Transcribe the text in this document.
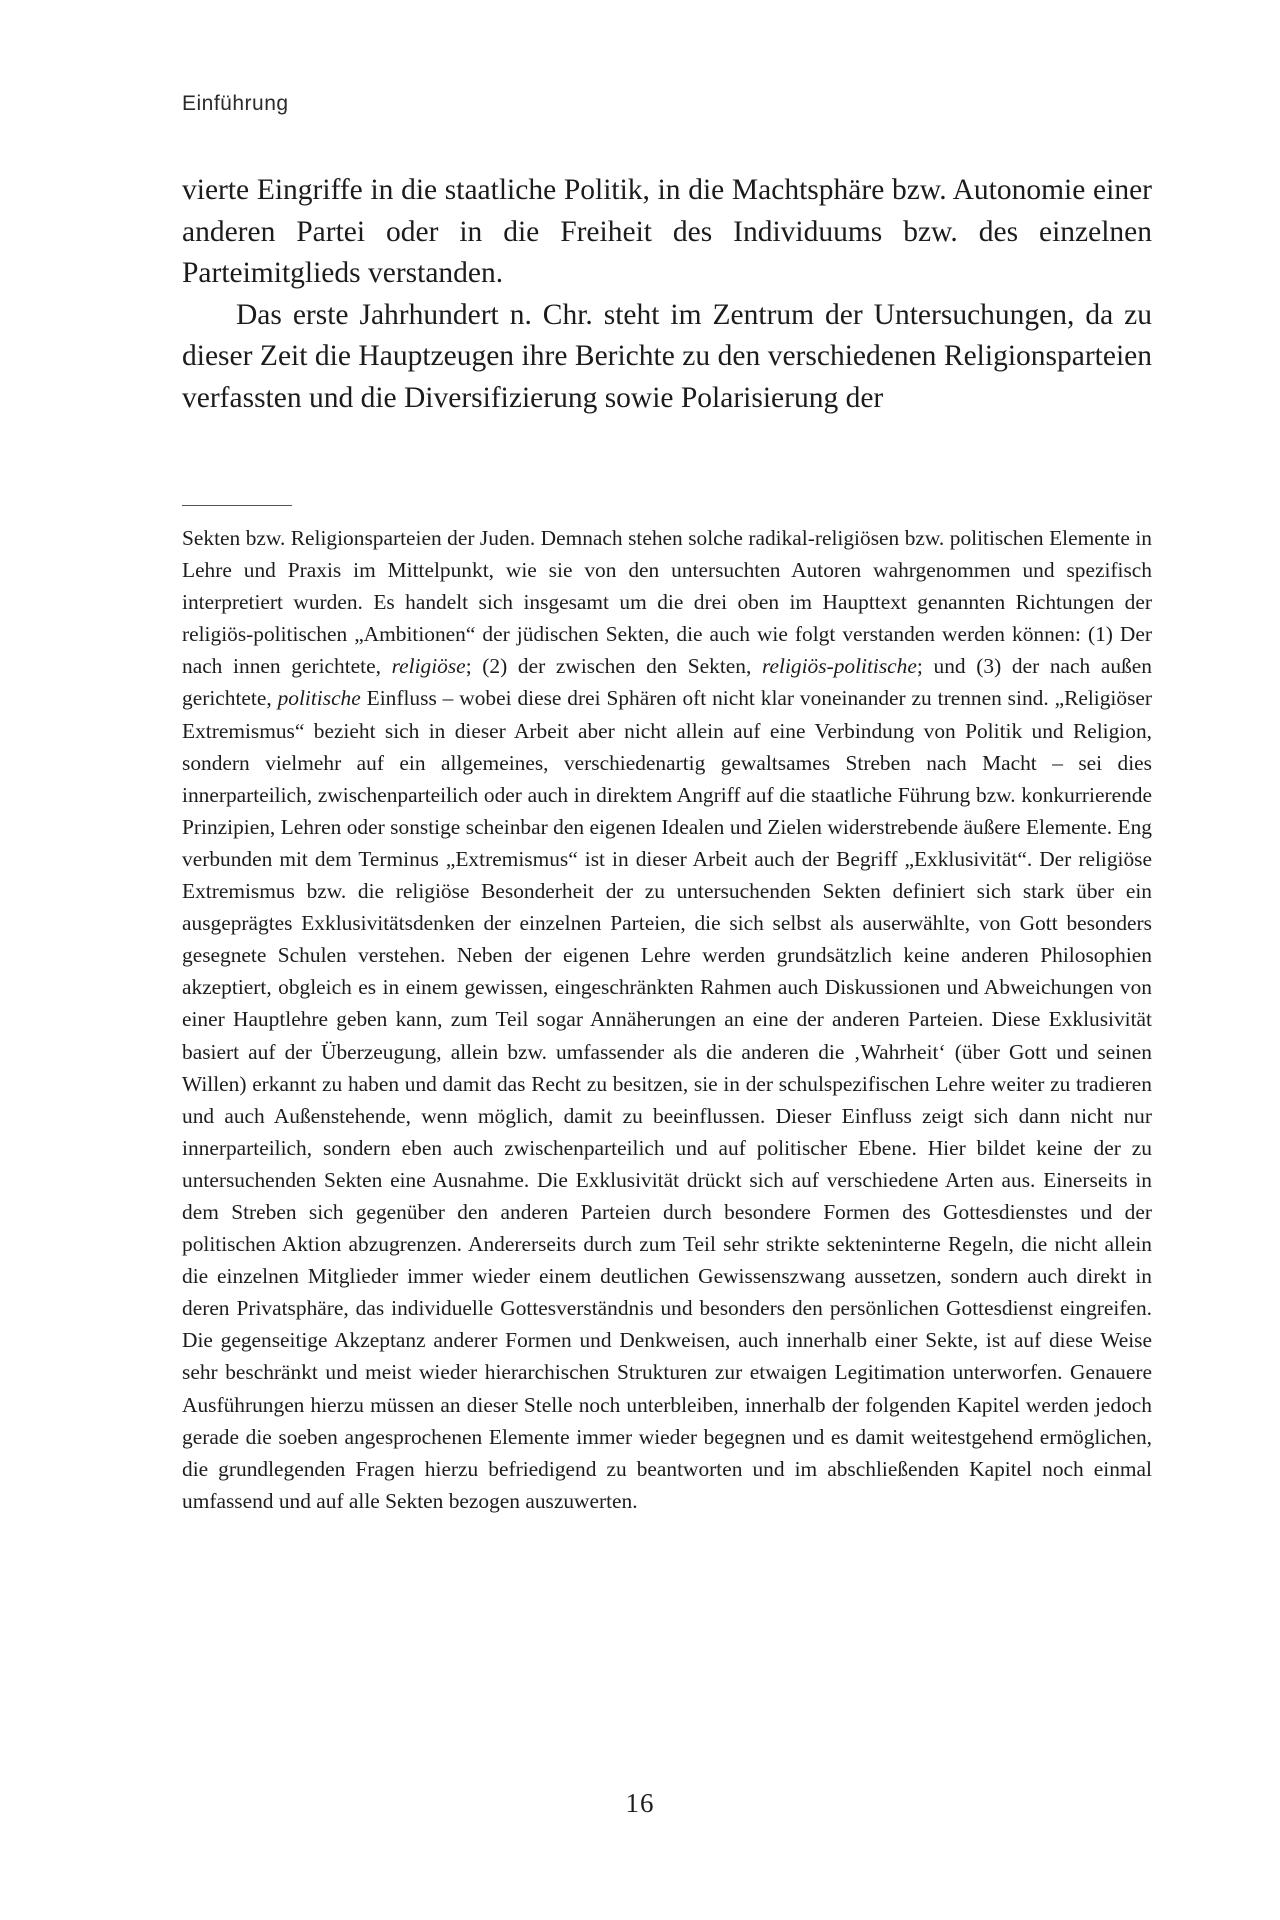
Einführung

vierte Eingriffe in die staatliche Politik, in die Machtsphäre bzw. Autonomie einer anderen Partei oder in die Freiheit des Individuums bzw. des einzelnen Parteimitglieds verstanden.

Das erste Jahrhundert n. Chr. steht im Zentrum der Untersuchungen, da zu dieser Zeit die Hauptzeugen ihre Berichte zu den verschiedenen Religionsparteien verfassten und die Diversifizierung sowie Polarisierung der

Sekten bzw. Religionsparteien der Juden. Demnach stehen solche radikal-religiösen bzw. politischen Elemente in Lehre und Praxis im Mittelpunkt, wie sie von den untersuchten Autoren wahrgenommen und spezifisch interpretiert wurden. Es handelt sich insgesamt um die drei oben im Haupttext genannten Richtungen der religiös-politischen „Ambitionen“ der jüdischen Sekten, die auch wie folgt verstanden werden können: (1) Der nach innen gerichtete, religiöse; (2) der zwischen den Sekten, religiös-politische; und (3) der nach außen gerichtete, politische Einfluss – wobei diese drei Sphären oft nicht klar voneinander zu trennen sind. „Religiöser Extremismus“ bezieht sich in dieser Arbeit aber nicht allein auf eine Verbindung von Politik und Religion, sondern vielmehr auf ein allgemeines, verschiedenartig gewaltsames Streben nach Macht – sei dies innerparteilich, zwischenparteilich oder auch in direktem Angriff auf die staatliche Führung bzw. konkurrierende Prinzipien, Lehren oder sonstige scheinbar den eigenen Idealen und Zielen widerstrebende äußere Elemente. Eng verbunden mit dem Terminus „Extremismus“ ist in dieser Arbeit auch der Begriff „Exklusivität“. Der religiöse Extremismus bzw. die religiöse Besonderheit der zu untersuchenden Sekten definiert sich stark über ein ausgeprägtes Exklusivitätsdenken der einzelnen Parteien, die sich selbst als auserwählte, von Gott besonders gesegnete Schulen verstehen. Neben der eigenen Lehre werden grundsätzlich keine anderen Philosophien akzeptiert, obgleich es in einem gewissen, eingeschränkten Rahmen auch Diskussionen und Abweichungen von einer Hauptlehre geben kann, zum Teil sogar Annäherungen an eine der anderen Parteien. Diese Exklusivität basiert auf der Überzeugung, allein bzw. umfassender als die anderen die ‚Wahrheit‘ (über Gott und seinen Willen) erkannt zu haben und damit das Recht zu besitzen, sie in der schulspezifischen Lehre weiter zu tradieren und auch Außenstehende, wenn möglich, damit zu beeinflussen. Dieser Einfluss zeigt sich dann nicht nur innerparteilich, sondern eben auch zwischenparteilich und auf politischer Ebene. Hier bildet keine der zu untersuchenden Sekten eine Ausnahme. Die Exklusivität drückt sich auf verschiedene Arten aus. Einerseits in dem Streben sich gegenüber den anderen Parteien durch besondere Formen des Gottesdienstes und der politischen Aktion abzugrenzen. Andererseits durch zum Teil sehr strikte sekteninterne Regeln, die nicht allein die einzelnen Mitglieder immer wieder einem deutlichen Gewissenszwang aussetzen, sondern auch direkt in deren Privatsphäre, das individuelle Gottesverständnis und besonders den persönlichen Gottesdienst eingreifen. Die gegenseitige Akzeptanz anderer Formen und Denkweisen, auch innerhalb einer Sekte, ist auf diese Weise sehr beschränkt und meist wieder hierarchischen Strukturen zur etwaigen Legitimation unterworfen. Genauere Ausführungen hierzu müssen an dieser Stelle noch unterbleiben, innerhalb der folgenden Kapitel werden jedoch gerade die soeben angesprochenen Elemente immer wieder begegnen und es damit weitestgehend ermöglichen, die grundlegenden Fragen hierzu befriedigend zu beantworten und im abschließenden Kapitel noch einmal umfassend und auf alle Sekten bezogen auszuwerten.

16
